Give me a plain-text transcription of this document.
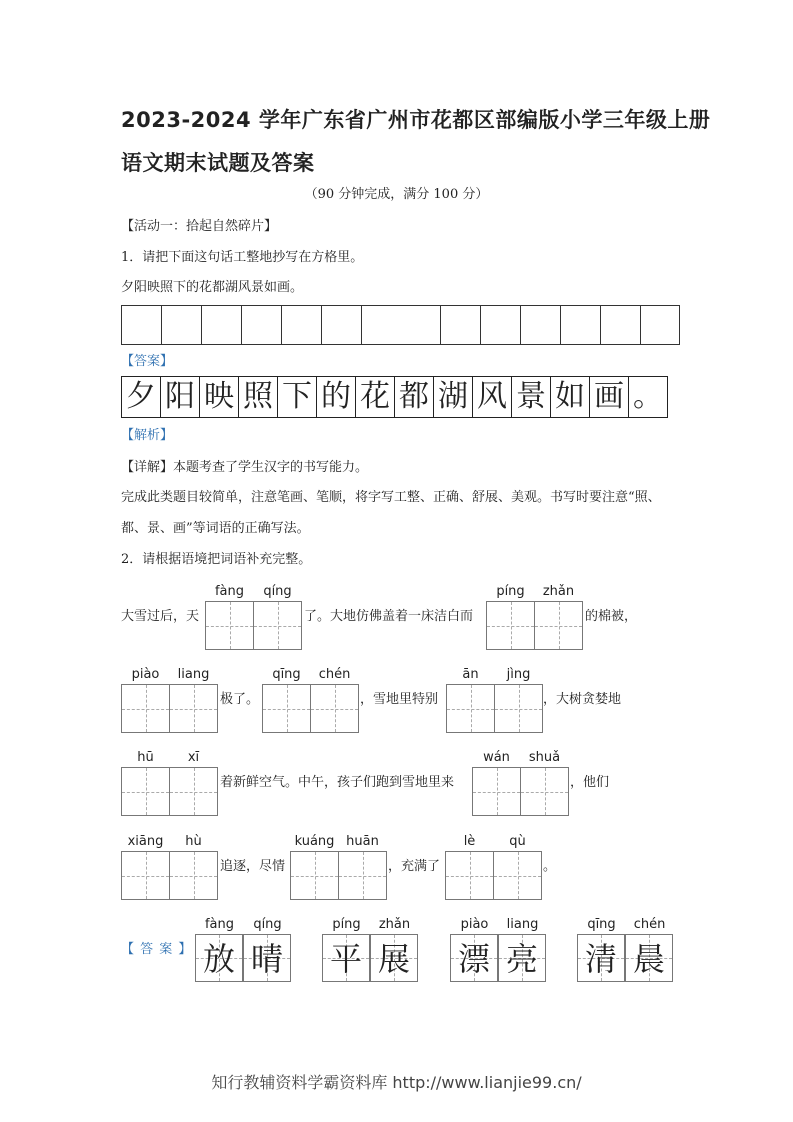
2023-2024 学年广东省广州市花都区部编版小学三年级上册
语文期末试题及答案
（90 分钟完成，满分 100 分）
【活动一：拾起自然碎片】
1．请把下面这句话工整地抄写在方格里。
夕阳映照下的花都湖风景如画。
【答案】
夕 阳 映 照 下 的 花 都 湖 风 景 如 画 。
【解析】
【详解】本题考查了学生汉字的书写能力。
完成此类题目较简单，注意笔画、笔顺，将字写工整、正确、舒展、美观。书写时要注意“照、
都、景、画”等词语的正确写法。
2．请根据语境把词语补充完整。
大雪过后，天
fàng	qíng
了。大地仿佛盖着一床洁白而
píng	zhǎn
的棉被，
piào	liang
极了。
qīng	chén
，雪地里特别
ān	jìng
，大树贪婪地
hū	xī
着新鲜空气。中午，孩子们跑到雪地里来
wán	shuǎ
，他们
xiāng	hù
追逐，尽情
kuáng huān
，充满了
lè	qù
。
【 答 案 】
fàng	qíng
放 晴
píng	zhǎn
平 展
piào	liang
漂 亮
qīng	chén
清 晨
知行教辅资料学霸资料库 http://www.lianjie99.cn/
